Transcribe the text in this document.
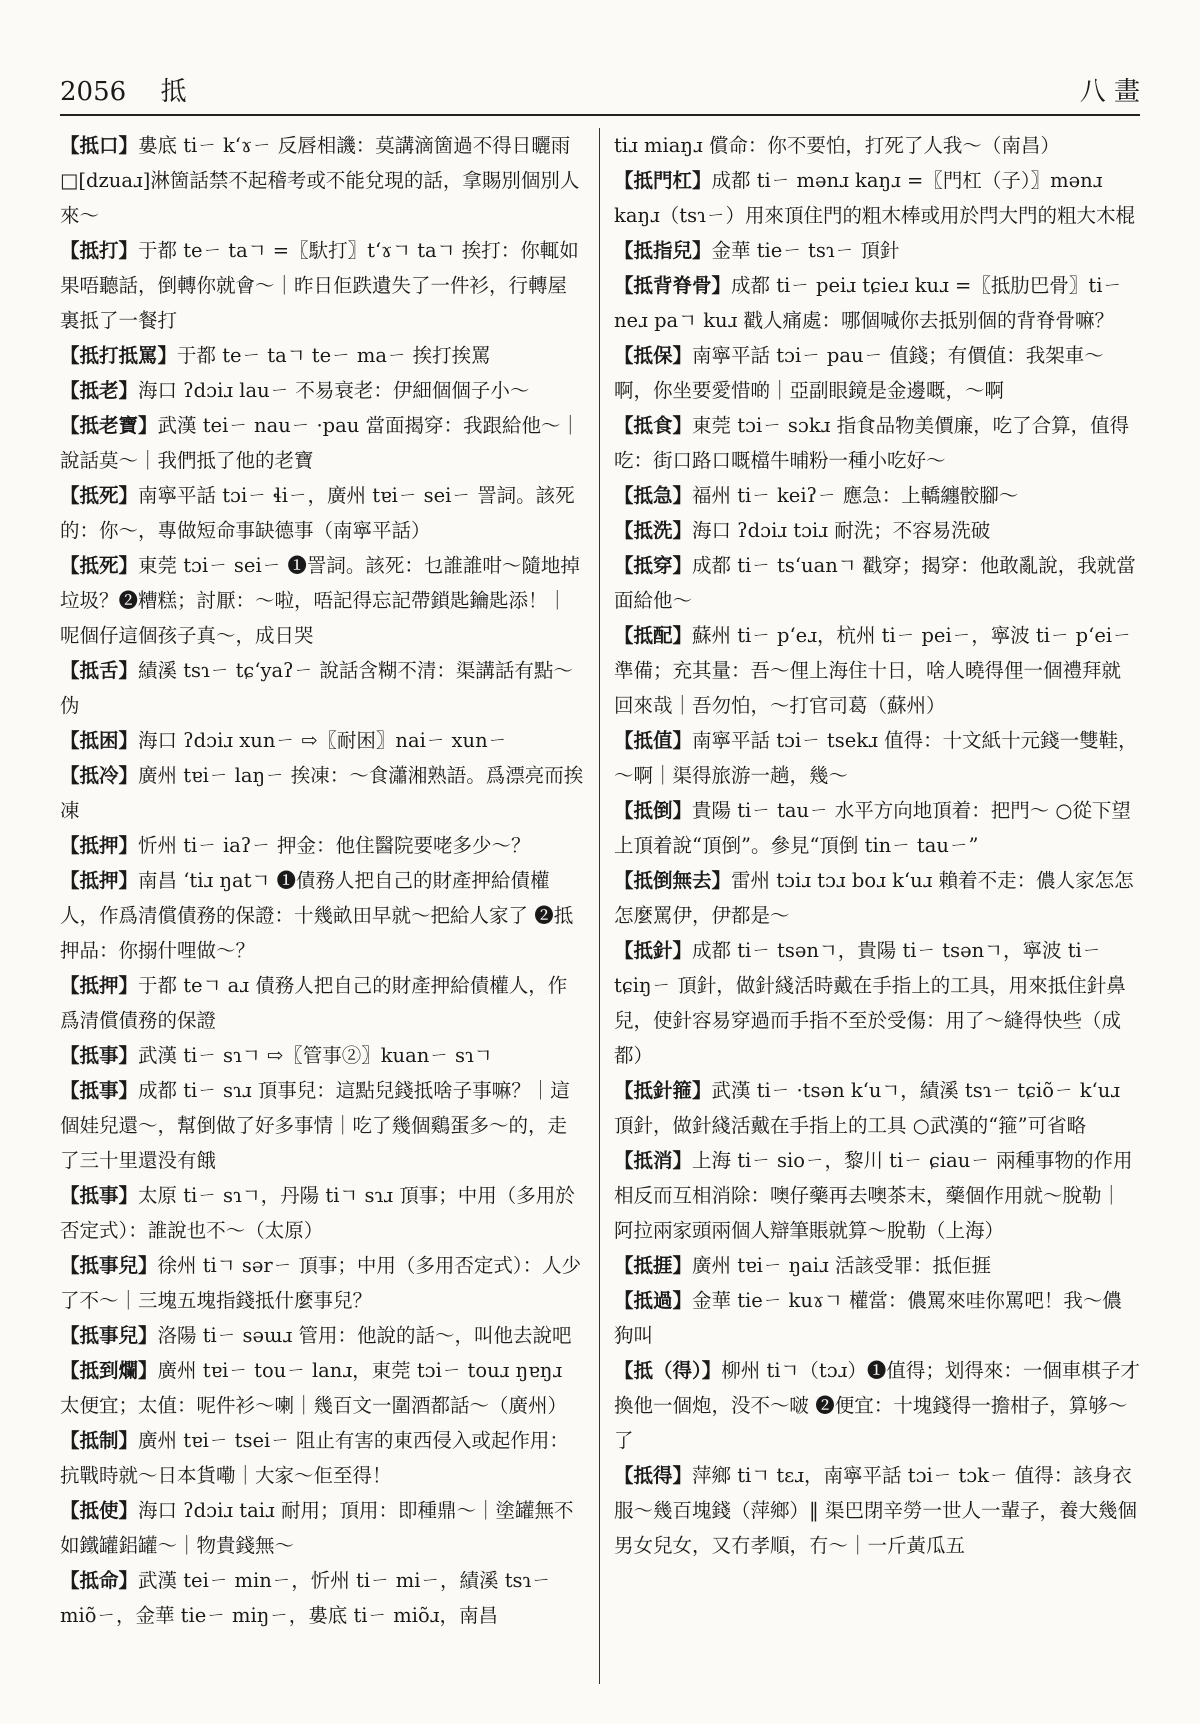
2056 抵	八 畫

【抵口】婁底 tiㄧ kʻɤㄧ 反唇相譏：莫講滴箇過不得日曬雨□[dzuaɹ]淋箇話禁不起稽考或不能兌現的話，拿賜別個別人來～

【抵打】于都 teㄧ taㄱ =〖馱打〗tʻɤㄱ taㄱ 挨打：你輒如果唔聽話，倒轉你就會～｜昨日佢跌遺失了一件衫，行轉屋裏抵了一餐打

【抵打抵罵】于都 teㄧ taㄱ teㄧ maㄧ 挨打挨罵

【抵老】海口 ʔdɔiɹ lauㄧ 不易衰老：伊細個個子小～

【抵老寶】武漢 teiㄧ nauㄧ ·pau 當面揭穿：我跟給他～｜說話莫～｜我們抵了他的老寶

【抵死】南寧平話 tɔiㄧ ɬiㄧ，廣州 tɐiㄧ seiㄧ 詈詞。該死的：你～，專做短命事缺德事（南寧平話）

【抵死】東莞 tɔiㄧ seiㄧ ❶詈詞。該死：乜誰誰咁～隨地掉垃圾？❷糟糕；討厭：～啦，唔記得忘記帶鎖匙鑰匙添！｜呢個仔這個孩子真～，成日哭

【抵舌】績溪 tsɿㄧ tɕʻyaʔㄧ 說話含糊不清：渠講話有點～伪

【抵困】海口 ʔdɔiɹ xunㄧ ⇨〖耐困〗naiㄧ xunㄧ

【抵冷】廣州 tɐiㄧ laŋㄧ 挨凍：～食瀟湘熟語。爲漂亮而挨凍

【抵押】忻州 tiㄧ iaʔㄧ 押金：他住醫院要咾多少～？

【抵押】南昌 ʻtiɹ ŋatㄱ ❶債務人把自己的財產押給債權人，作爲清償債務的保證：十幾畝田早就～把給人家了 ❷抵押品：你搦什哩做～？

【抵押】于都 teㄱ aɹ 債務人把自己的財產押給債權人，作爲清償債務的保證

【抵事】武漢 tiㄧ sɿㄱ ⇨〖管事②〗kuanㄧ sɿㄱ

【抵事】成都 tiㄧ sɿɹ 頂事兒：這點兒錢抵啥子事嘛？｜這個娃兒還～，幫倒做了好多事情｜吃了幾個鷄蛋多～的，走了三十里還没有餓

【抵事】太原 tiㄧ sɿㄱ，丹陽 tiㄱ sɿɹ 頂事；中用（多用於否定式）：誰說也不～（太原）

【抵事兒】徐州 tiㄱ sərㄧ 頂事；中用（多用否定式）：人少了不～｜三塊五塊指錢抵什麼事兒？

【抵事兒】洛陽 tiㄧ səɯɹ 管用：他說的話～，叫他去說吧

【抵到爛】廣州 tɐiㄧ touㄧ lanɹ，東莞 tɔiㄧ touɹ ŋɐŋɹ 太便宜；太值：呢件衫～喇｜幾百文一圍酒都話～（廣州）

【抵制】廣州 tɐiㄧ tseiㄧ 阻止有害的東西侵入或起作用：抗戰時就～日本貨嘞｜大家～佢至得！

【抵使】海口 ʔdɔiɹ taiɹ 耐用；頂用：即種鼎～｜塗罐無不如鐵罐鋁罐～｜物貴錢無～

【抵命】武漢 teiㄧ minㄧ，忻州 tiㄧ miㄧ，績溪 tsɿㄧ miõㄧ，金華 tieㄧ miŋㄧ，婁底 tiㄧ miõɹ，南昌

tiɹ miaŋɹ 償命：你不要怕，打死了人我～（南昌）

【抵門杠】成都 tiㄧ mənɹ kaŋɹ =〖門杠（子）〗mənɹ kaŋɹ（tsɿㄧ）用來頂住門的粗木棒或用於閂大門的粗大木棍

【抵指兒】金華 tieㄧ tsɿㄧ 頂針

【抵背脊骨】成都 tiㄧ peiɹ tɕieɹ kuɹ =〖抵肋巴骨〗tiㄧ neɹ paㄱ kuɹ 戳人痛處：哪個喊你去抵别個的背脊骨嘛？

【抵保】南寧平話 tɔiㄧ pauㄧ 值錢；有價值：我架車～啊，你坐要愛惜啲｜亞副眼鏡是金邊嘅，～啊

【抵食】東莞 tɔiㄧ sɔkɹ 指食品物美價廉，吃了合算，值得吃：街口路口嘅檔牛晡粉一種小吃好～

【抵急】福州 tiㄧ keiʔㄧ 應急：上轎纏骹腳～

【抵洗】海口 ʔdɔiɹ tɔiɹ 耐洗；不容易洗破

【抵穿】成都 tiㄧ tsʻuanㄱ 戳穿；揭穿：他敢亂說，我就當面給他～

【抵配】蘇州 tiㄧ pʻeɹ，杭州 tiㄧ peiㄧ，寧波 tiㄧ pʻeiㄧ 準備；充其量：吾～俚上海住十日，啥人曉得俚一個禮拜就回來哉｜吾勿怕，～打官司葛（蘇州）

【抵值】南寧平話 tɔiㄧ tsekɹ 值得：十文紙十元錢一雙鞋，～啊｜渠得旅游一趟，幾～

【抵倒】貴陽 tiㄧ tauㄧ 水平方向地頂着：把門～ ○從下望上頂着說“頂倒”。參見“頂倒 tinㄧ tauㄧ”

【抵倒無去】雷州 tɔiɹ tɔɹ boɹ kʻuɹ 賴着不走：儂人家怎怎怎麼罵伊，伊都是～

【抵針】成都 tiㄧ tsənㄱ，貴陽 tiㄧ tsənㄱ，寧波 tiㄧ tɕiŋㄧ 頂針，做針綫活時戴在手指上的工具，用來抵住針鼻兒，使針容易穿過而手指不至於受傷：用了～縫得快些（成都）

【抵針箍】武漢 tiㄧ ·tsən kʻuㄱ，績溪 tsɿㄧ tɕiõㄧ kʻuɹ 頂針，做針綫活戴在手指上的工具 ○武漢的“箍”可省略

【抵消】上海 tiㄧ sioㄧ，黎川 tiㄧ ɕiauㄧ 兩種事物的作用相反而互相消除：噢仔藥再去噢茶末，藥個作用就～脫勒｜阿拉兩家頭兩個人辯筆賬就算～脫勒（上海）

【抵捱】廣州 tɐiㄧ ŋaiɹ 活該受罪：抵佢捱

【抵過】金華 tieㄧ kuɤㄱ 權當：儂罵來哇你罵吧！我～儂狗叫

【抵（得）】柳州 tiㄱ（tɔɹ）❶值得；划得來：一個車棋子才換他一個炮，没不～啵 ❷便宜：十塊錢得一擔柑子，算够～了

【抵得】萍鄉 tiㄱ tɛɹ，南寧平話 tɔiㄧ tɔkㄧ 值得：該身衣服～幾百塊錢（萍鄉）‖ 渠巴閉辛勞一世人一輩子，養大幾個男女兒女，又冇孝順，冇～｜一斤黃瓜五
